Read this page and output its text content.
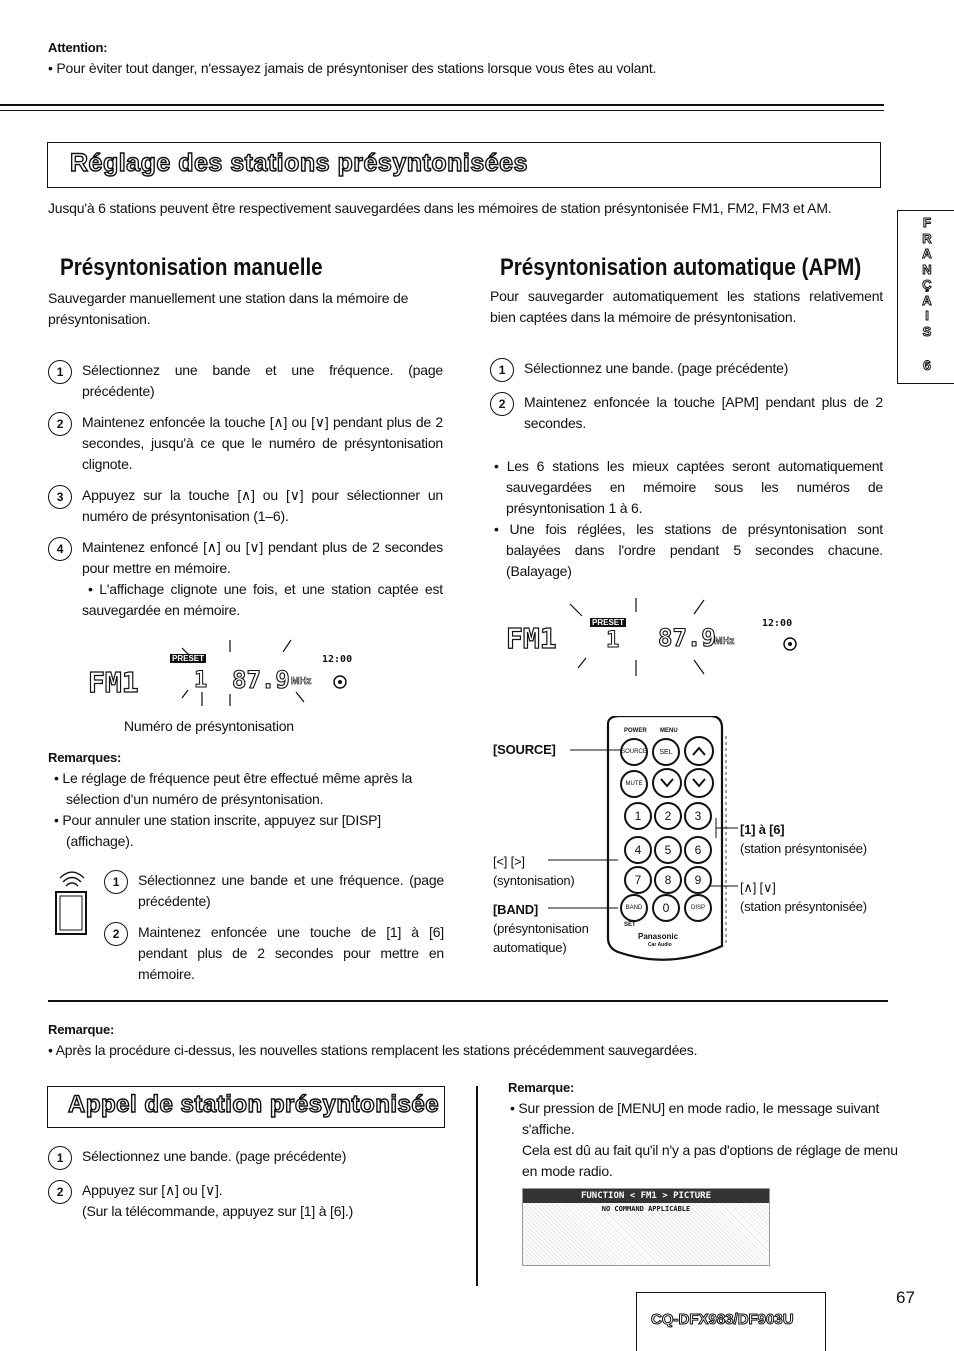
Attention:
• Pour èviter tout danger, n'essayez jamais de présyntoniser des stations lorsque vous êtes au volant.
Réglage des stations présyntonisées
Jusqu'à 6 stations peuvent être respectivement sauvegardées dans les mémoires de station présyntonisée FM1, FM2, FM3 et AM.
F
R
A
N
Ç
A
I
S
6
Présyntonisation manuelle
Sauvegarder manuellement une station dans la mémoire de présyntonisation.
1	Sélectionnez une bande et une fréquence. (page précédente)
2	Maintenez enfoncée la touche [∧] ou [∨] pendant plus de 2 secondes, jusqu'à ce que le numéro de présyntonisation clignote.
3	Appuyez sur la touche [∧] ou [∨] pour sélectionner un numéro de présyntonisation (1–6).
4	Maintenez enfoncé [∧] ou [∨] pendant plus de 2 secondes pour mettre en mémoire.
• L'affichage clignote une fois, et une station captée est sauvegardée en mémoire.
FM1
PRESET
1 87.9 MHz
12:00
Numéro de présyntonisation
Remarques:
• Le réglage de fréquence peut être effectué même après la sélection d'un numéro de présyntonisation.
• Pour annuler une station inscrite, appuyez sur [DISP] (affichage).
1	Sélectionnez une bande et une fréquence. (page précédente)
2	Maintenez enfoncée une touche de [1] à [6] pendant plus de 2 secondes pour mettre en mémoire.
Présyntonisation automatique (APM)
Pour sauvegarder automatiquement les stations relativement bien captées dans la mémoire de présyntonisation.
1	Sélectionnez une bande. (page précédente)
2	Maintenez enfoncée la touche [APM] pendant plus de 2 secondes.
• Les 6 stations les mieux captées seront automatiquement sauvegardées en mémoire sous les numéros de présyntonisation 1 à 6.
• Une fois réglées, les stations de présyntonisation sont balayées dans l'ordre pendant 5 secondes chacune. (Balayage)
FM1	PRESET
1 87.9
MHz
12:00
POWER MENU
SOURCE	SEL
MUTE
1	2	3
4	5	6
7	8	9
BAND	0	DISP
SET
Panasonic
Car Audio
[SOURCE]
[<] [>]
(syntonisation)
[BAND]
(présyntonisation automatique)
[1] à [6]
(station présyntonisée)
[∧] [∨]
(station présyntonisée)
Remarque:
• Après la procédure ci-dessus, les nouvelles stations remplacent les stations précédemment sauvegardées.
Appel de station présyntonisée
1	Sélectionnez une bande. (page précédente)
2	Appuyez sur [∧] ou [∨].
(Sur la télécommande, appuyez sur [1] à [6].)
Remarque:
• Sur pression de [MENU] en mode radio, le message suivant s'affiche.
Cela est dû au fait qu'il n'y a pas d'options de réglage de menu en mode radio.
FUNCTION < FM1 > PICTURE
NO COMMAND APPLICABLE
CQ-DFX983/DF903U
67
